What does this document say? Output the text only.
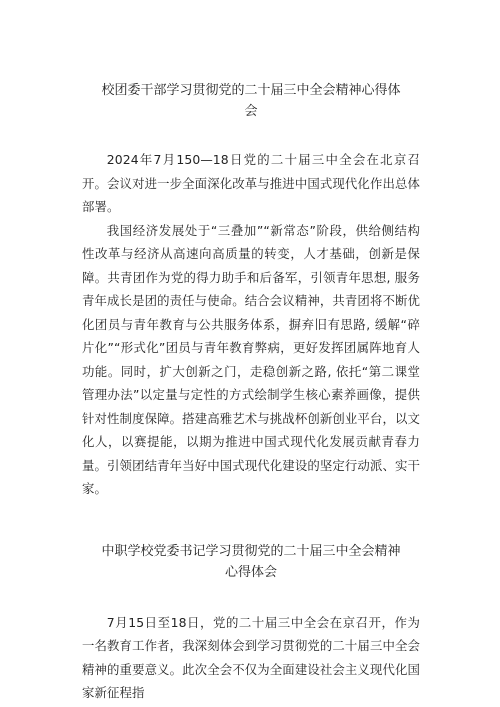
校团委干部学习贯彻党的二十届三中全会精神心得体
会

2024年7月150—18日党的二十届三中全会在北京召开。会议对进一步全面深化改革与推进中国式现代化作出总体部署。

我国经济发展处于“三叠加”“新常态”阶段，供给侧结构性改革与经济从高速向高质量的转变，人才基础，创新是保障。共青团作为党的得力助手和后备军，引领青年思想, 服务青年成长是团的责任与使命。结合会议精神，共青团将不断优化团员与青年教育与公共服务体系，摒弃旧有思路, 缓解“碎片化”“形式化”团员与青年教育弊病，更好发挥团属阵地育人功能。同时，扩大创新之门，走稳创新之路, 依托“第二课堂管理办法”以定量与定性的方式绘制学生核心素养画像，提供针对性制度保障。搭建高雅艺术与挑战杯创新创业平台，以文化人，以赛提能，以期为推进中国式现代化发展贡献青春力量。引领团结青年当好中国式现代化建设的坚定行动派、实干家。

中职学校党委书记学习贯彻党的二十届三中全会精神
心得体会

7月15日至18日，党的二十届三中全会在京召开，作为一名教育工作者，我深刻体会到学习贯彻党的二十届三中全会精神的重要意义。此次全会不仅为全面建设社会主义现代化国家新征程指
